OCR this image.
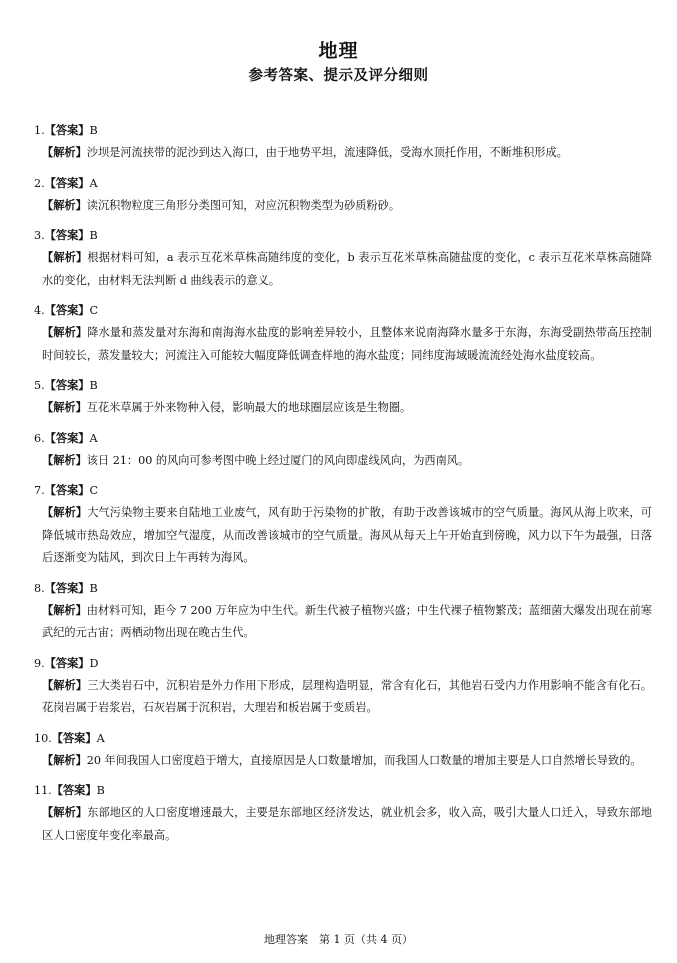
地理
参考答案、提示及评分细则
1.【答案】B
【解析】沙坝是河流挟带的泥沙到达入海口，由于地势平坦，流速降低，受海水顶托作用，不断堆积形成。
2.【答案】A
【解析】读沉积物粒度三角形分类图可知，对应沉积物类型为砂质粉砂。
3.【答案】B
【解析】根据材料可知，a 表示互花米草株高随纬度的变化，b 表示互花米草株高随盐度的变化，c 表示互花米草株高随降水的变化，由材料无法判断 d 曲线表示的意义。
4.【答案】C
【解析】降水量和蒸发量对东海和南海海水盐度的影响差异较小，且整体来说南海降水量多于东海，东海受副热带高压控制时间较长，蒸发量较大；河流注入可能较大幅度降低调查样地的海水盐度；同纬度海域暖流流经处海水盐度较高。
5.【答案】B
【解析】互花米草属于外来物种入侵，影响最大的地球圈层应该是生物圈。
6.【答案】A
【解析】该日 21：00 的风向可参考图中晚上经过厦门的风向即虚线风向，为西南风。
7.【答案】C
【解析】大气污染物主要来自陆地工业废气，风有助于污染物的扩散，有助于改善该城市的空气质量。海风从海上吹来，可降低城市热岛效应，增加空气湿度，从而改善该城市的空气质量。海风从每天上午开始直到傍晚，风力以下午为最强，日落后逐渐变为陆风，到次日上午再转为海风。
8.【答案】B
【解析】由材料可知，距今 7 200 万年应为中生代。新生代被子植物兴盛；中生代裸子植物繁茂；蓝细菌大爆发出现在前寒武纪的元古宙；两栖动物出现在晚古生代。
9.【答案】D
【解析】三大类岩石中，沉积岩是外力作用下形成，层理构造明显，常含有化石，其他岩石受内力作用影响不能含有化石。花岗岩属于岩浆岩，石灰岩属于沉积岩，大理岩和板岩属于变质岩。
10.【答案】A
【解析】20 年间我国人口密度趋于增大，直接原因是人口数量增加，而我国人口数量的增加主要是人口自然增长导致的。
11.【答案】B
【解析】东部地区的人口密度增速最大，主要是东部地区经济发达，就业机会多，收入高，吸引大量人口迁入，导致东部地区人口密度年变化率最高。
地理答案　第 1 页（共 4 页）
